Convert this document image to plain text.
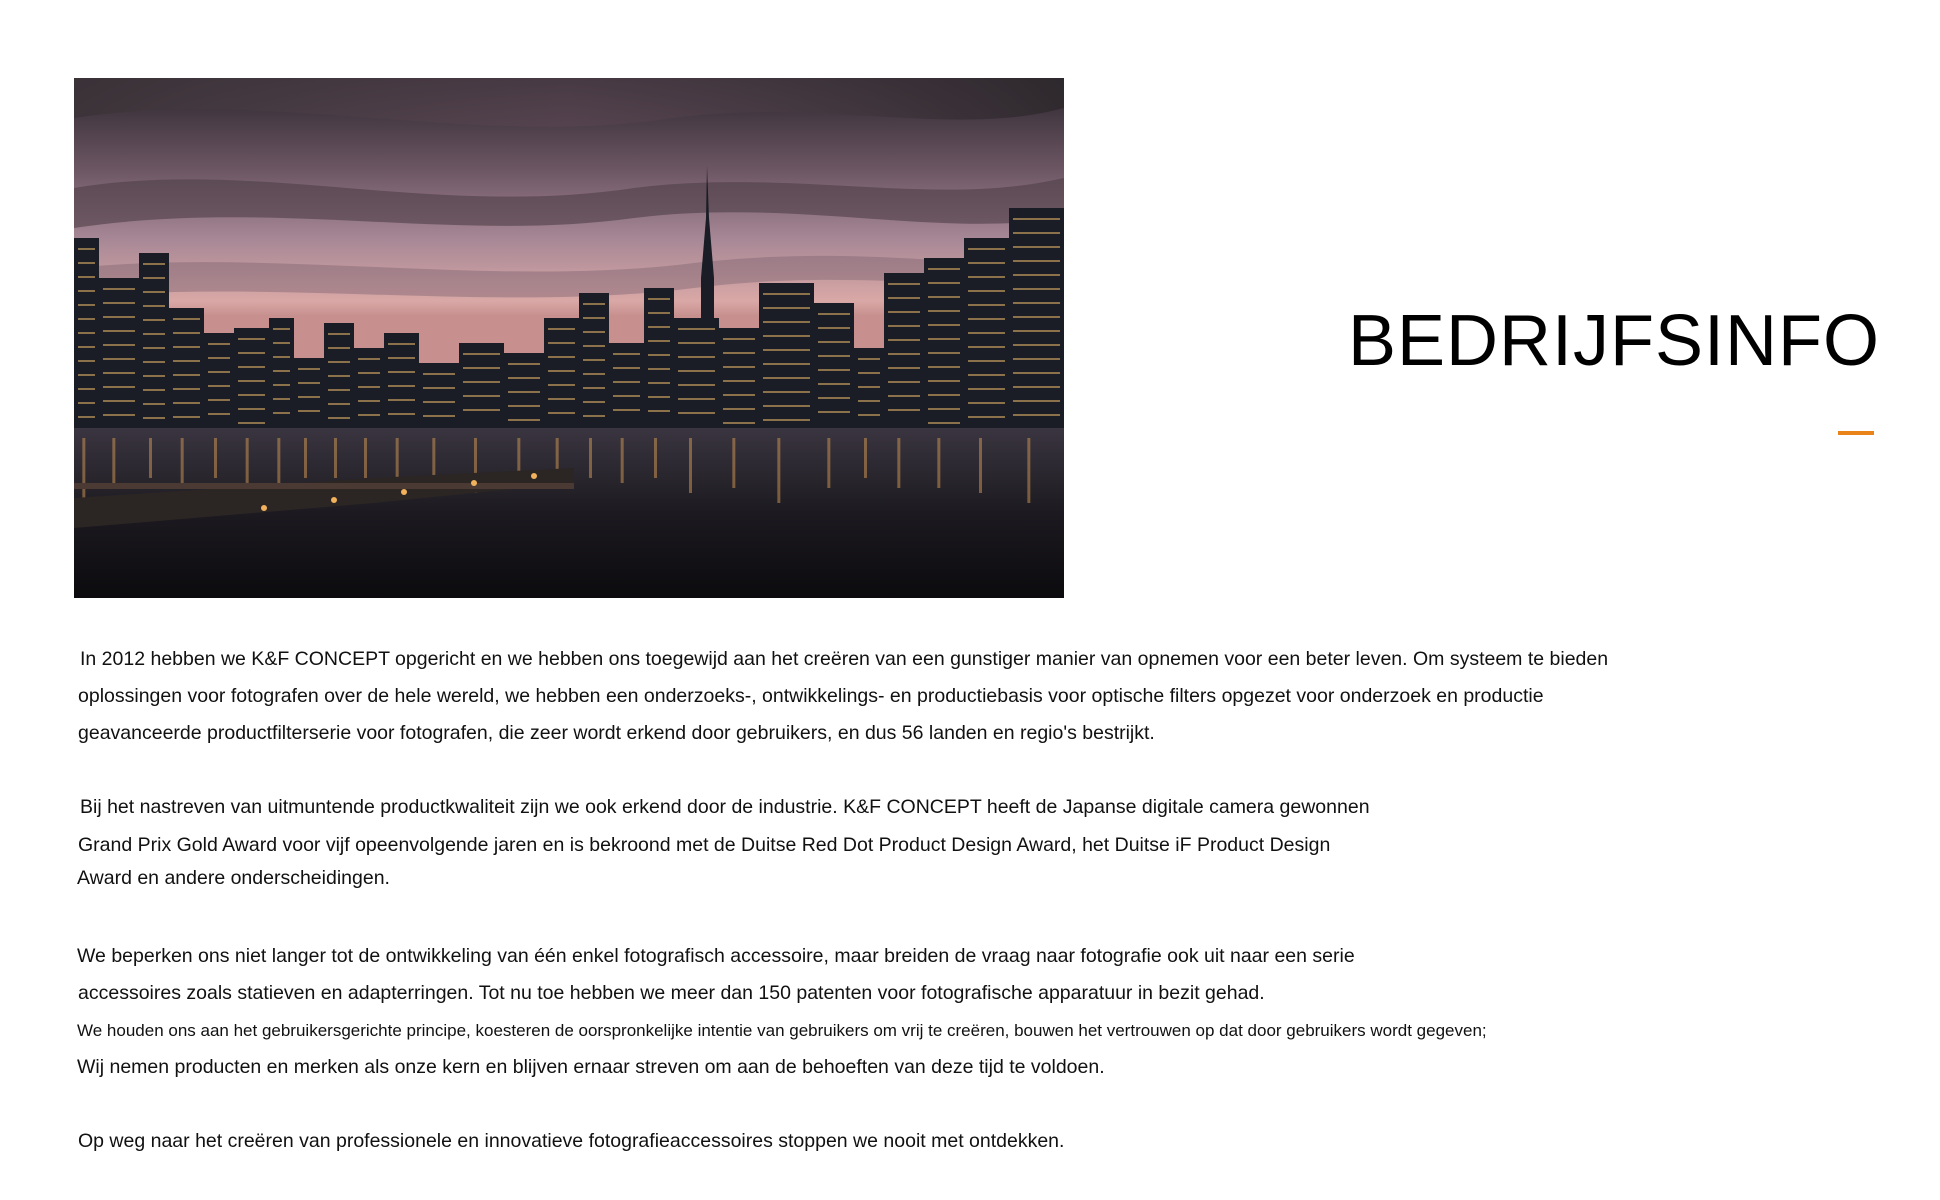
BEDRIJFSINFO
In 2012 hebben we K&F CONCEPT opgericht en we hebben ons toegewijd aan het creëren van een gunstiger manier van opnemen voor een beter leven. Om systeem te bieden
oplossingen voor fotografen over de hele wereld, we hebben een onderzoeks-, ontwikkelings- en productiebasis voor optische filters opgezet voor onderzoek en productie
geavanceerde productfilterserie voor fotografen, die zeer wordt erkend door gebruikers, en dus 56 landen en regio's bestrijkt.
Bij het nastreven van uitmuntende productkwaliteit zijn we ook erkend door de industrie. K&F CONCEPT heeft de Japanse digitale camera gewonnen
Grand Prix Gold Award voor vijf opeenvolgende jaren en is bekroond met de Duitse Red Dot Product Design Award, het Duitse iF Product Design
Award en andere onderscheidingen.
We beperken ons niet langer tot de ontwikkeling van één enkel fotografisch accessoire, maar breiden de vraag naar fotografie ook uit naar een serie
accessoires zoals statieven en adapterringen. Tot nu toe hebben we meer dan 150 patenten voor fotografische apparatuur in bezit gehad.
We houden ons aan het gebruikersgerichte principe, koesteren de oorspronkelijke intentie van gebruikers om vrij te creëren, bouwen het vertrouwen op dat door gebruikers wordt gegeven;
Wij nemen producten en merken als onze kern en blijven ernaar streven om aan de behoeften van deze tijd te voldoen.
Op weg naar het creëren van professionele en innovatieve fotografieaccessoires stoppen we nooit met ontdekken.
